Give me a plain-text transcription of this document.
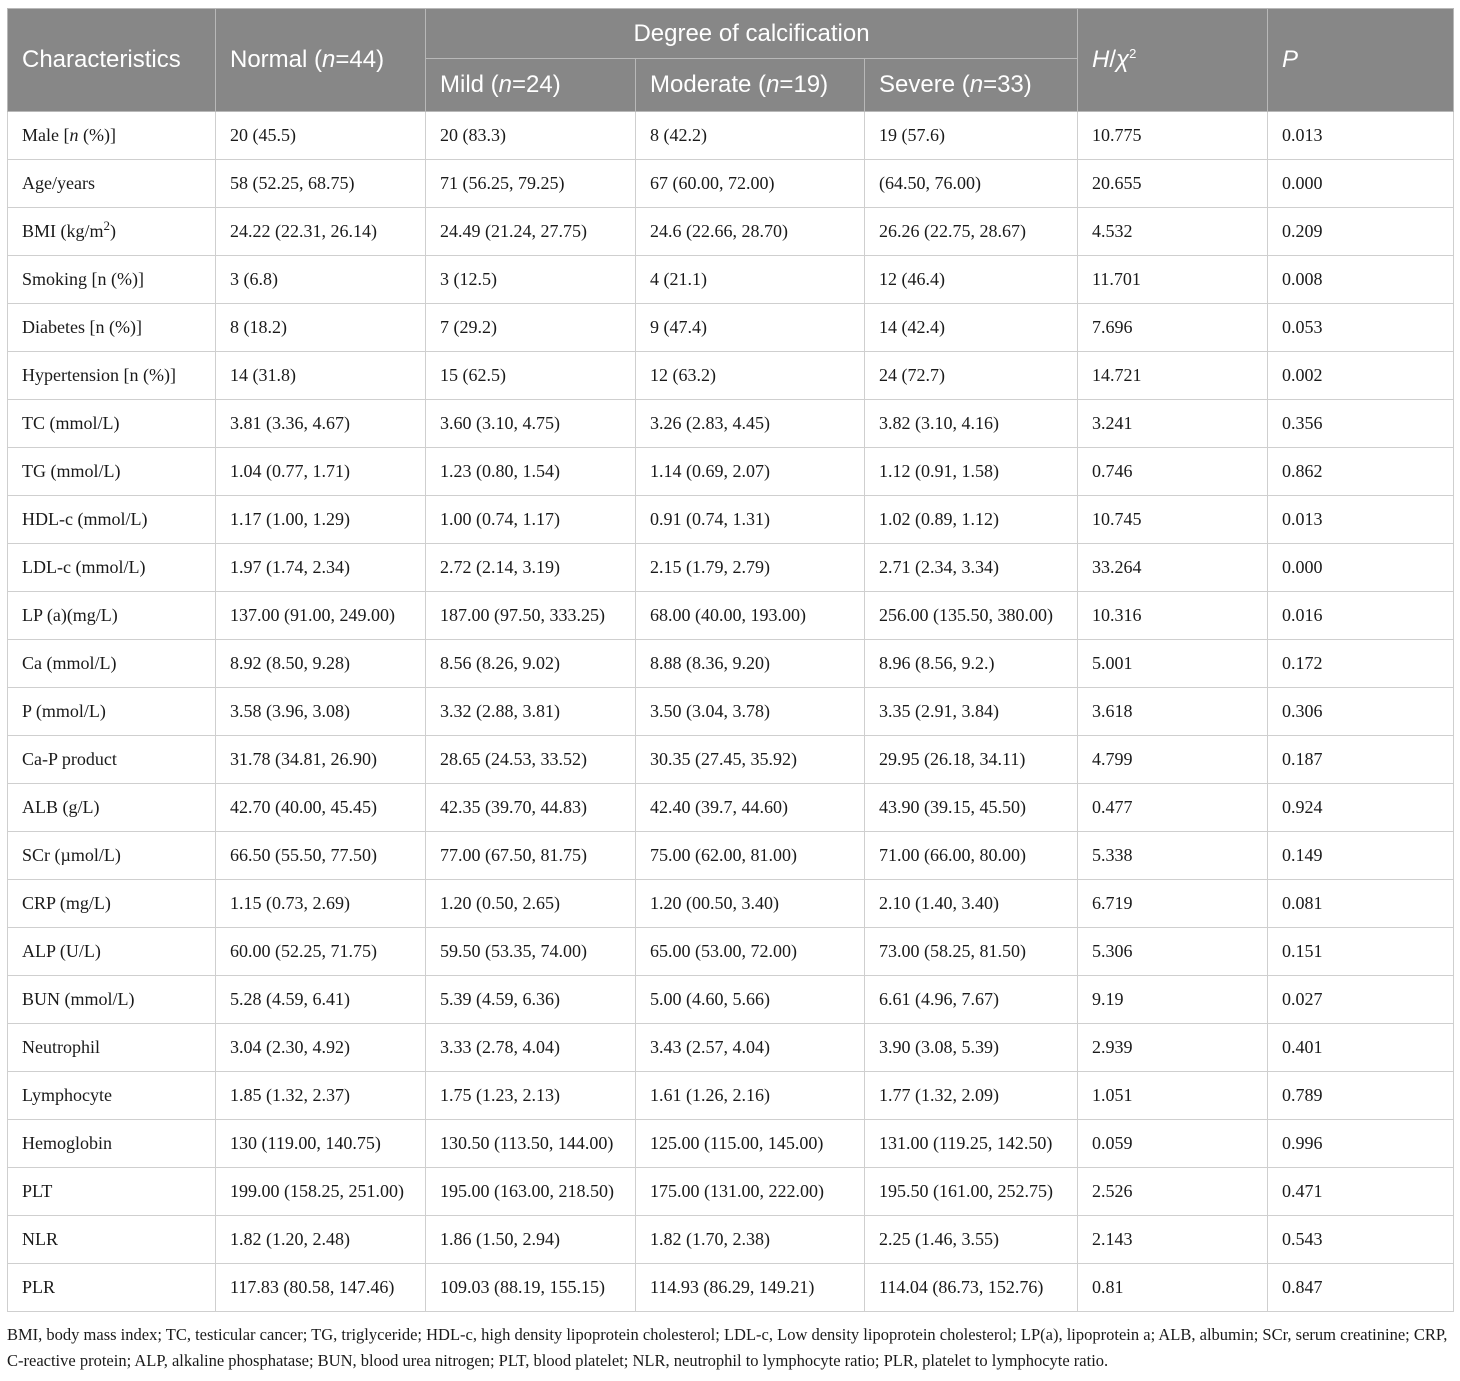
Characteristics	Normal (n=44)	Degree of calcification			$H/\chi^2$	P
		Mild (n=24)	Moderate (n=19)	Severe (n=33)		
Male [n (%)]	20 (45.5)	20 (83.3)	8 (42.2)	19 (57.6)	10.775	0.013
Age/years	58 (52.25, 68.75)	71 (56.25, 79.25)	67 (60.00, 72.00)	(64.50, 76.00)	20.655	0.000
BMI $(kg/m^2)$	24.22 (22.31, 26.14)	24.49 (21.24, 27.75)	24.6 (22.66, 28.70)	26.26 (22.75, 28.67)	4.532	0.209
Smoking [n (%)]	3 (6.8)	3 (12.5)	4 (21.1)	12 (46.4)	11.701	0.008
Diabetes [n (%)]	8 (18.2)	7 (29.2)	9 (47.4)	14 (42.4)	7.696	0.053
Hypertension [n (%)]	14 (31.8)	15 (62.5)	12 (63.2)	24 (72.7)	14.721	0.002
TC (mmol/L)	3.81 (3.36, 4.67)	3.60 (3.10, 4.75)	3.26 (2.83, 4.45)	3.82 (3.10, 4.16)	3.241	0.356
TG (mmol/L)	1.04 (0.77, 1.71)	1.23 (0.80, 1.54)	1.14 (0.69, 2.07)	1.12 (0.91, 1.58)	0.746	0.862
HDL-c (mmol/L)	1.17 (1.00, 1.29)	1.00 (0.74, 1.17)	0.91 (0.74, 1.31)	1.02 (0.89, 1.12)	10.745	0.013
LDL-c (mmol/L)	1.97 (1.74, 2.34)	2.72 (2.14, 3.19)	2.15 (1.79, 2.79)	2.71 (2.34, 3.34)	33.264	0.000
LP (a)(mg/L)	137.00 (91.00, 249.00)	187.00 (97.50, 333.25)	68.00 (40.00, 193.00)	256.00 (135.50, 380.00)	10.316	0.016
Ca (mmol/L)	8.92 (8.50, 9.28)	8.56 (8.26, 9.02)	8.88 (8.36, 9.20)	8.96 (8.56, 9.2.)	5.001	0.172
P (mmol/L)	3.58 (3.96, 3.08)	3.32 (2.88, 3.81)	3.50 (3.04, 3.78)	3.35 (2.91, 3.84)	3.618	0.306
Ca-P product	31.78 (34.81, 26.90)	28.65 (24.53, 33.52)	30.35 (27.45, 35.92)	29.95 (26.18, 34.11)	4.799	0.187
ALB (g/L)	42.70 (40.00, 45.45)	42.35 (39.70, 44.83)	42.40 (39.7, 44.60)	43.90 (39.15, 45.50)	0.477	0.924
SCr (µmol/L)	66.50 (55.50, 77.50)	77.00 (67.50, 81.75)	75.00 (62.00, 81.00)	71.00 (66.00, 80.00)	5.338	0.149
CRP (mg/L)	1.15 (0.73, 2.69)	1.20 (0.50, 2.65)	1.20 (00.50, 3.40)	2.10 (1.40, 3.40)	6.719	0.081
ALP (U/L)	60.00 (52.25, 71.75)	59.50 (53.35, 74.00)	65.00 (53.00, 72.00)	73.00 (58.25, 81.50)	5.306	0.151
BUN (mmol/L)	5.28 (4.59, 6.41)	5.39 (4.59, 6.36)	5.00 (4.60, 5.66)	6.61 (4.96, 7.67)	9.19	0.027
Neutrophil	3.04 (2.30, 4.92)	3.33 (2.78, 4.04)	3.43 (2.57, 4.04)	3.90 (3.08, 5.39)	2.939	0.401
Lymphocyte	1.85 (1.32, 2.37)	1.75 (1.23, 2.13)	1.61 (1.26, 2.16)	1.77 (1.32, 2.09)	1.051	0.789
Hemoglobin	130 (119.00, 140.75)	130.50 (113.50, 144.00)	125.00 (115.00, 145.00)	131.00 (119.25, 142.50)	0.059	0.996
PLT	199.00 (158.25, 251.00)	195.00 (163.00, 218.50)	175.00 (131.00, 222.00)	195.50 (161.00, 252.75)	2.526	0.471
NLR	1.82 (1.20, 2.48)	1.86 (1.50, 2.94)	1.82 (1.70, 2.38)	2.25 (1.46, 3.55)	2.143	0.543
PLR	117.83 (80.58, 147.46)	109.03 (88.19, 155.15)	114.93 (86.29, 149.21)	114.04 (86.73, 152.76)	0.81	0.847
BMI, body mass index; TC, testicular cancer; TG, triglyceride; HDL-c, high density lipoprotein cholesterol; LDL-c, Low density lipoprotein cholesterol; LP(a), lipoprotein a; ALB, albumin; SCr, serum creatinine; CRP, C-reactive protein; ALP, alkaline phosphatase; BUN, blood urea nitrogen; PLT, blood platelet; NLR, neutrophil to lymphocyte ratio; PLR, platelet to lymphocyte ratio.
